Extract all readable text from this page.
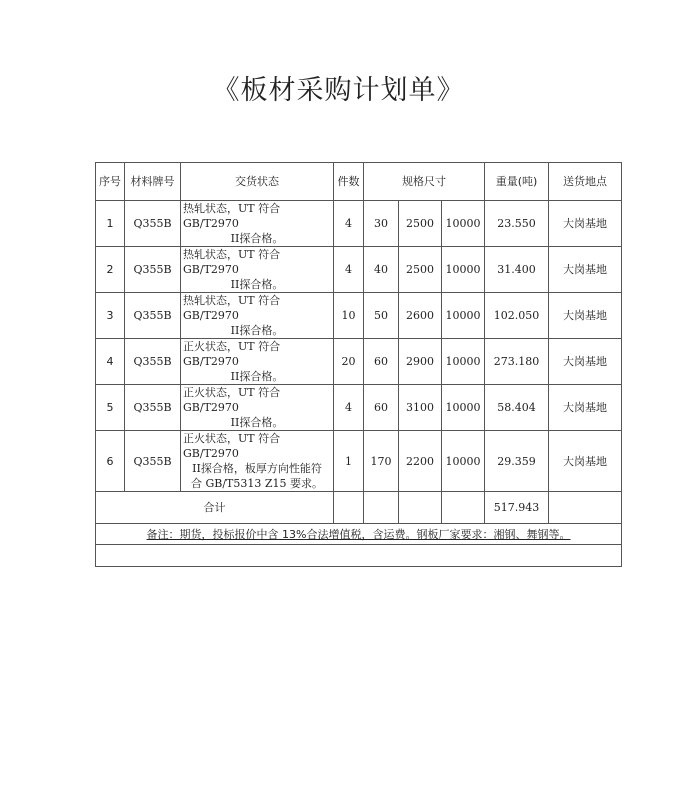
《板材采购计划单》
序号	材料牌号	交货状态	件数	规格尺寸			重量(吨)	送货地点
1	Q355B	热轧状态，UT 符合 GB/T2970
II探合格。	4	30	2500	10000	23.550	大岗基地
2	Q355B	热轧状态，UT 符合 GB/T2970
II探合格。	4	40	2500	10000	31.400	大岗基地
3	Q355B	热轧状态，UT 符合 GB/T2970
II探合格。	10	50	2600	10000	102.050	大岗基地
4	Q355B	正火状态，UT 符合 GB/T2970
II探合格。	20	60	2900	10000	273.180	大岗基地
5	Q355B	正火状态，UT 符合 GB/T2970
II探合格。	4	60	3100	10000	58.404	大岗基地
6	Q355B	正火状态，UT 符合 GB/T2970
II探合格，板厚方向性能符
合 GB/T5313 Z15 要求。	1	170	2200	10000	29.359	大岗基地
合计							517.943	
备注：期货，投标报价中含 13%合法增值税，含运费。钢板厂家要求：湘钢、舞钢等。								
